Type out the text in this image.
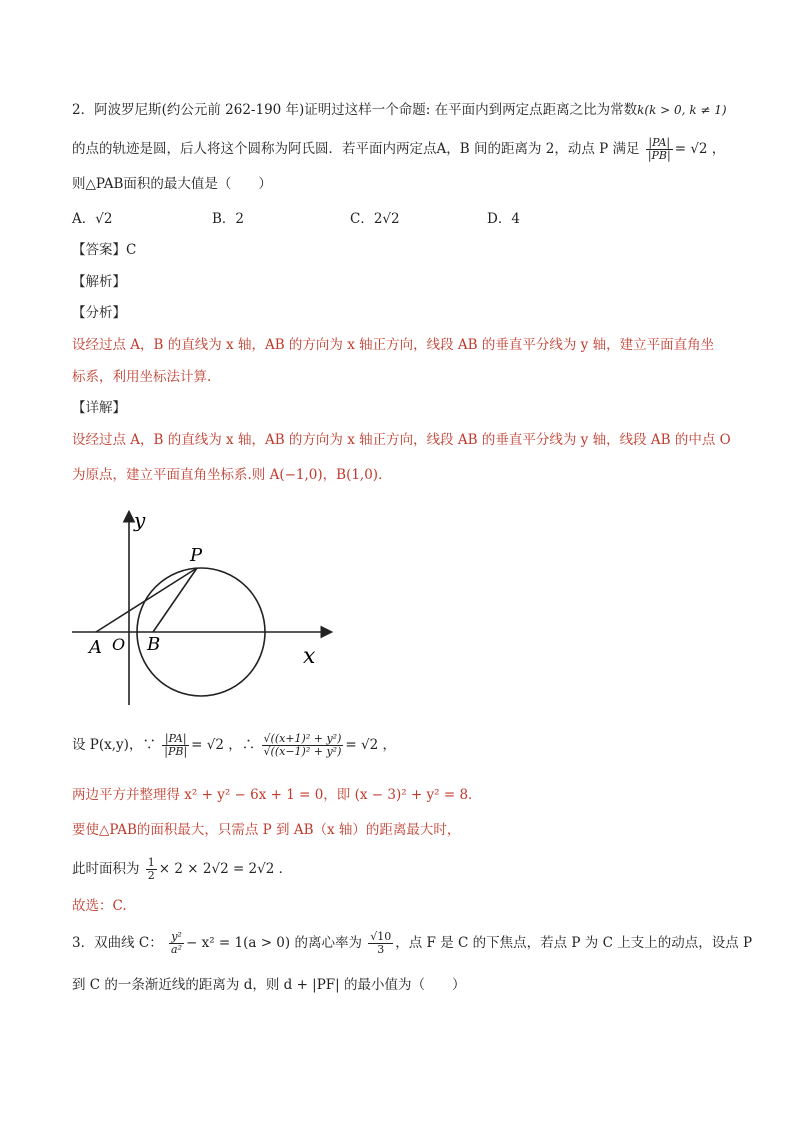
2．阿波罗尼斯(约公元前 262-190 年)证明过这样一个命题: 在平面内到两定点距离之比为常数k(k > 0, k ≠ 1)
的点的轨迹是圆，后人将这个圆称为阿氏圆．若平面内两定点A，B 间的距离为 2，动点 P 满足 $\frac{|PA|}{|PB|} = √2$ ，
则△PAB面积的最大值是（　　）
A．√2	B．2	C．2√2	D．4
【答案】C
【解析】
【分析】
设经过点 A，B 的直线为 x 轴，AB 的方向为 x 轴正方向，线段 AB 的垂直平分线为 y 轴，建立平面直角坐
标系，利用坐标法计算.
【详解】
设经过点 A，B 的直线为 x 轴，AB 的方向为 x 轴正方向，线段 AB 的垂直平分线为 y 轴，线段 AB 的中点 O
为原点，建立平面直角坐标系.则 A(−1,0)，B(1,0)．
y
x
P
A O B
设 P(x,y)，∵ $\frac{|PA|}{|PB|} = √2$ ，∴ $\frac{\text{√((x+1)² + y²)}}{\text{√((x−1)² + y²)}} = √2$ ，
两边平方并整理得 x² + y² − 6x + 1 = 0，即 (x − 3)² + y² = 8．
要使△PAB的面积最大，只需点 P 到 AB（x 轴）的距离最大时，
此时面积为 $\frac{1}{2} \times 2 \times 2√2 = 2√2$ ．
故选：C.
3．双曲线 C： $\frac{\text{y²}}{\text{a²}} - x^2 = 1(a > 0)$ 的离心率为 $\frac{√10}{3}$ ，点 F 是 C 的下焦点，若点 P 为 C 上支上的动点，设点 P
到 C 的一条渐近线的距离为 d，则 d + |PF| 的最小值为（　　）
